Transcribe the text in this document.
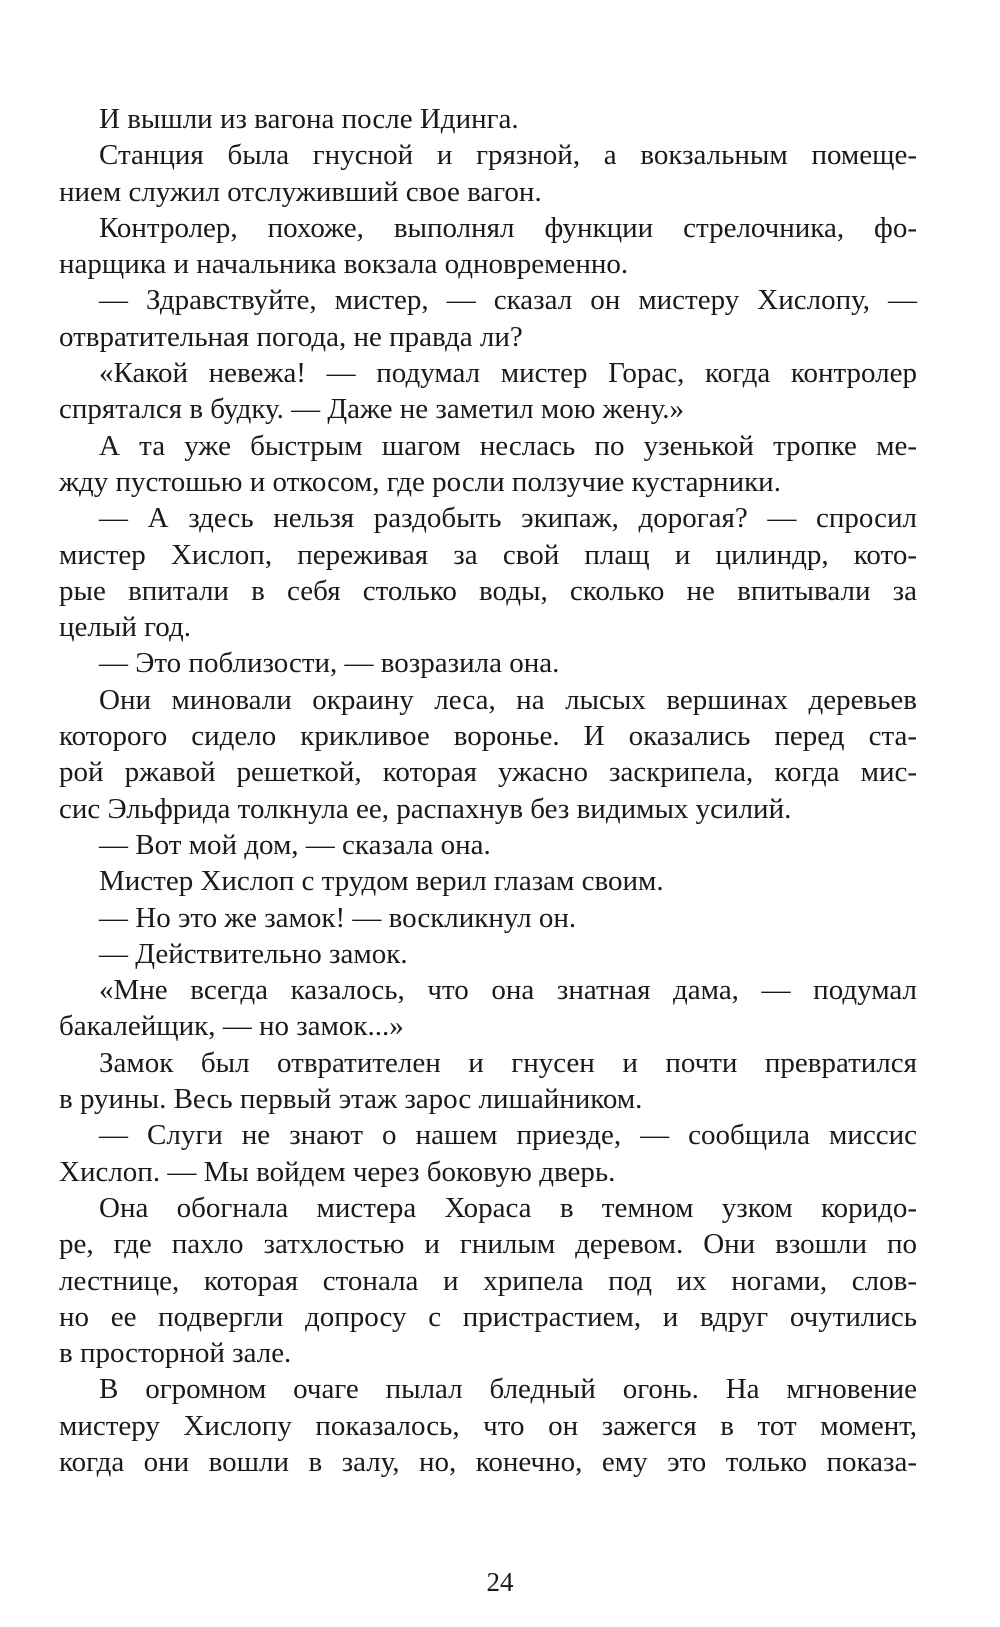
И вышли из вагона после Идинга.
Станция была гнусной и грязной, а вокзальным помеще-
нием служил отслуживший свое вагон.
Контролер, похоже, выполнял функции стрелочника, фо-
нарщика и начальника вокзала одновременно.
— Здравствуйте, мистер, — сказал он мистеру Хислопу, —
отвратительная погода, не правда ли?
«Какой невежа! — подумал мистер Горас, когда контролер
спрятался в будку. — Даже не заметил мою жену.»
А та уже быстрым шагом неслась по узенькой тропке ме-
жду пустошью и откосом, где росли ползучие кустарники.
— А здесь нельзя раздобыть экипаж, дорогая? — спросил
мистер Хислоп, переживая за свой плащ и цилиндр, кото-
рые впитали в себя столько воды, сколько не впитывали за
целый год.
— Это поблизости, — возразила она.
Они миновали окраину леса, на лысых вершинах деревьев
которого сидело крикливое воронье. И оказались перед ста-
рой ржавой решеткой, которая ужасно заскрипела, когда мис-
сис Эльфрида толкнула ее, распахнув без видимых усилий.
— Вот мой дом, — сказала она.
Мистер Хислоп с трудом верил глазам своим.
— Но это же замок! — воскликнул он.
— Действительно замок.
«Мне всегда казалось, что она знатная дама, — подумал
бакалейщик, — но замок...»
Замок был отвратителен и гнусен и почти превратился
в руины. Весь первый этаж зарос лишайником.
— Слуги не знают о нашем приезде, — сообщила миссис
Хислоп. — Мы войдем через боковую дверь.
Она обогнала мистера Хораса в темном узком коридо-
ре, где пахло затхлостью и гнилым деревом. Они взошли по
лестнице, которая стонала и хрипела под их ногами, слов-
но ее подвергли допросу с пристрастием, и вдруг очутились
в просторной зале.
В огромном очаге пылал бледный огонь. На мгновение
мистеру Хислопу показалось, что он зажегся в тот момент,
когда они вошли в залу, но, конечно, ему это только показа-
24
